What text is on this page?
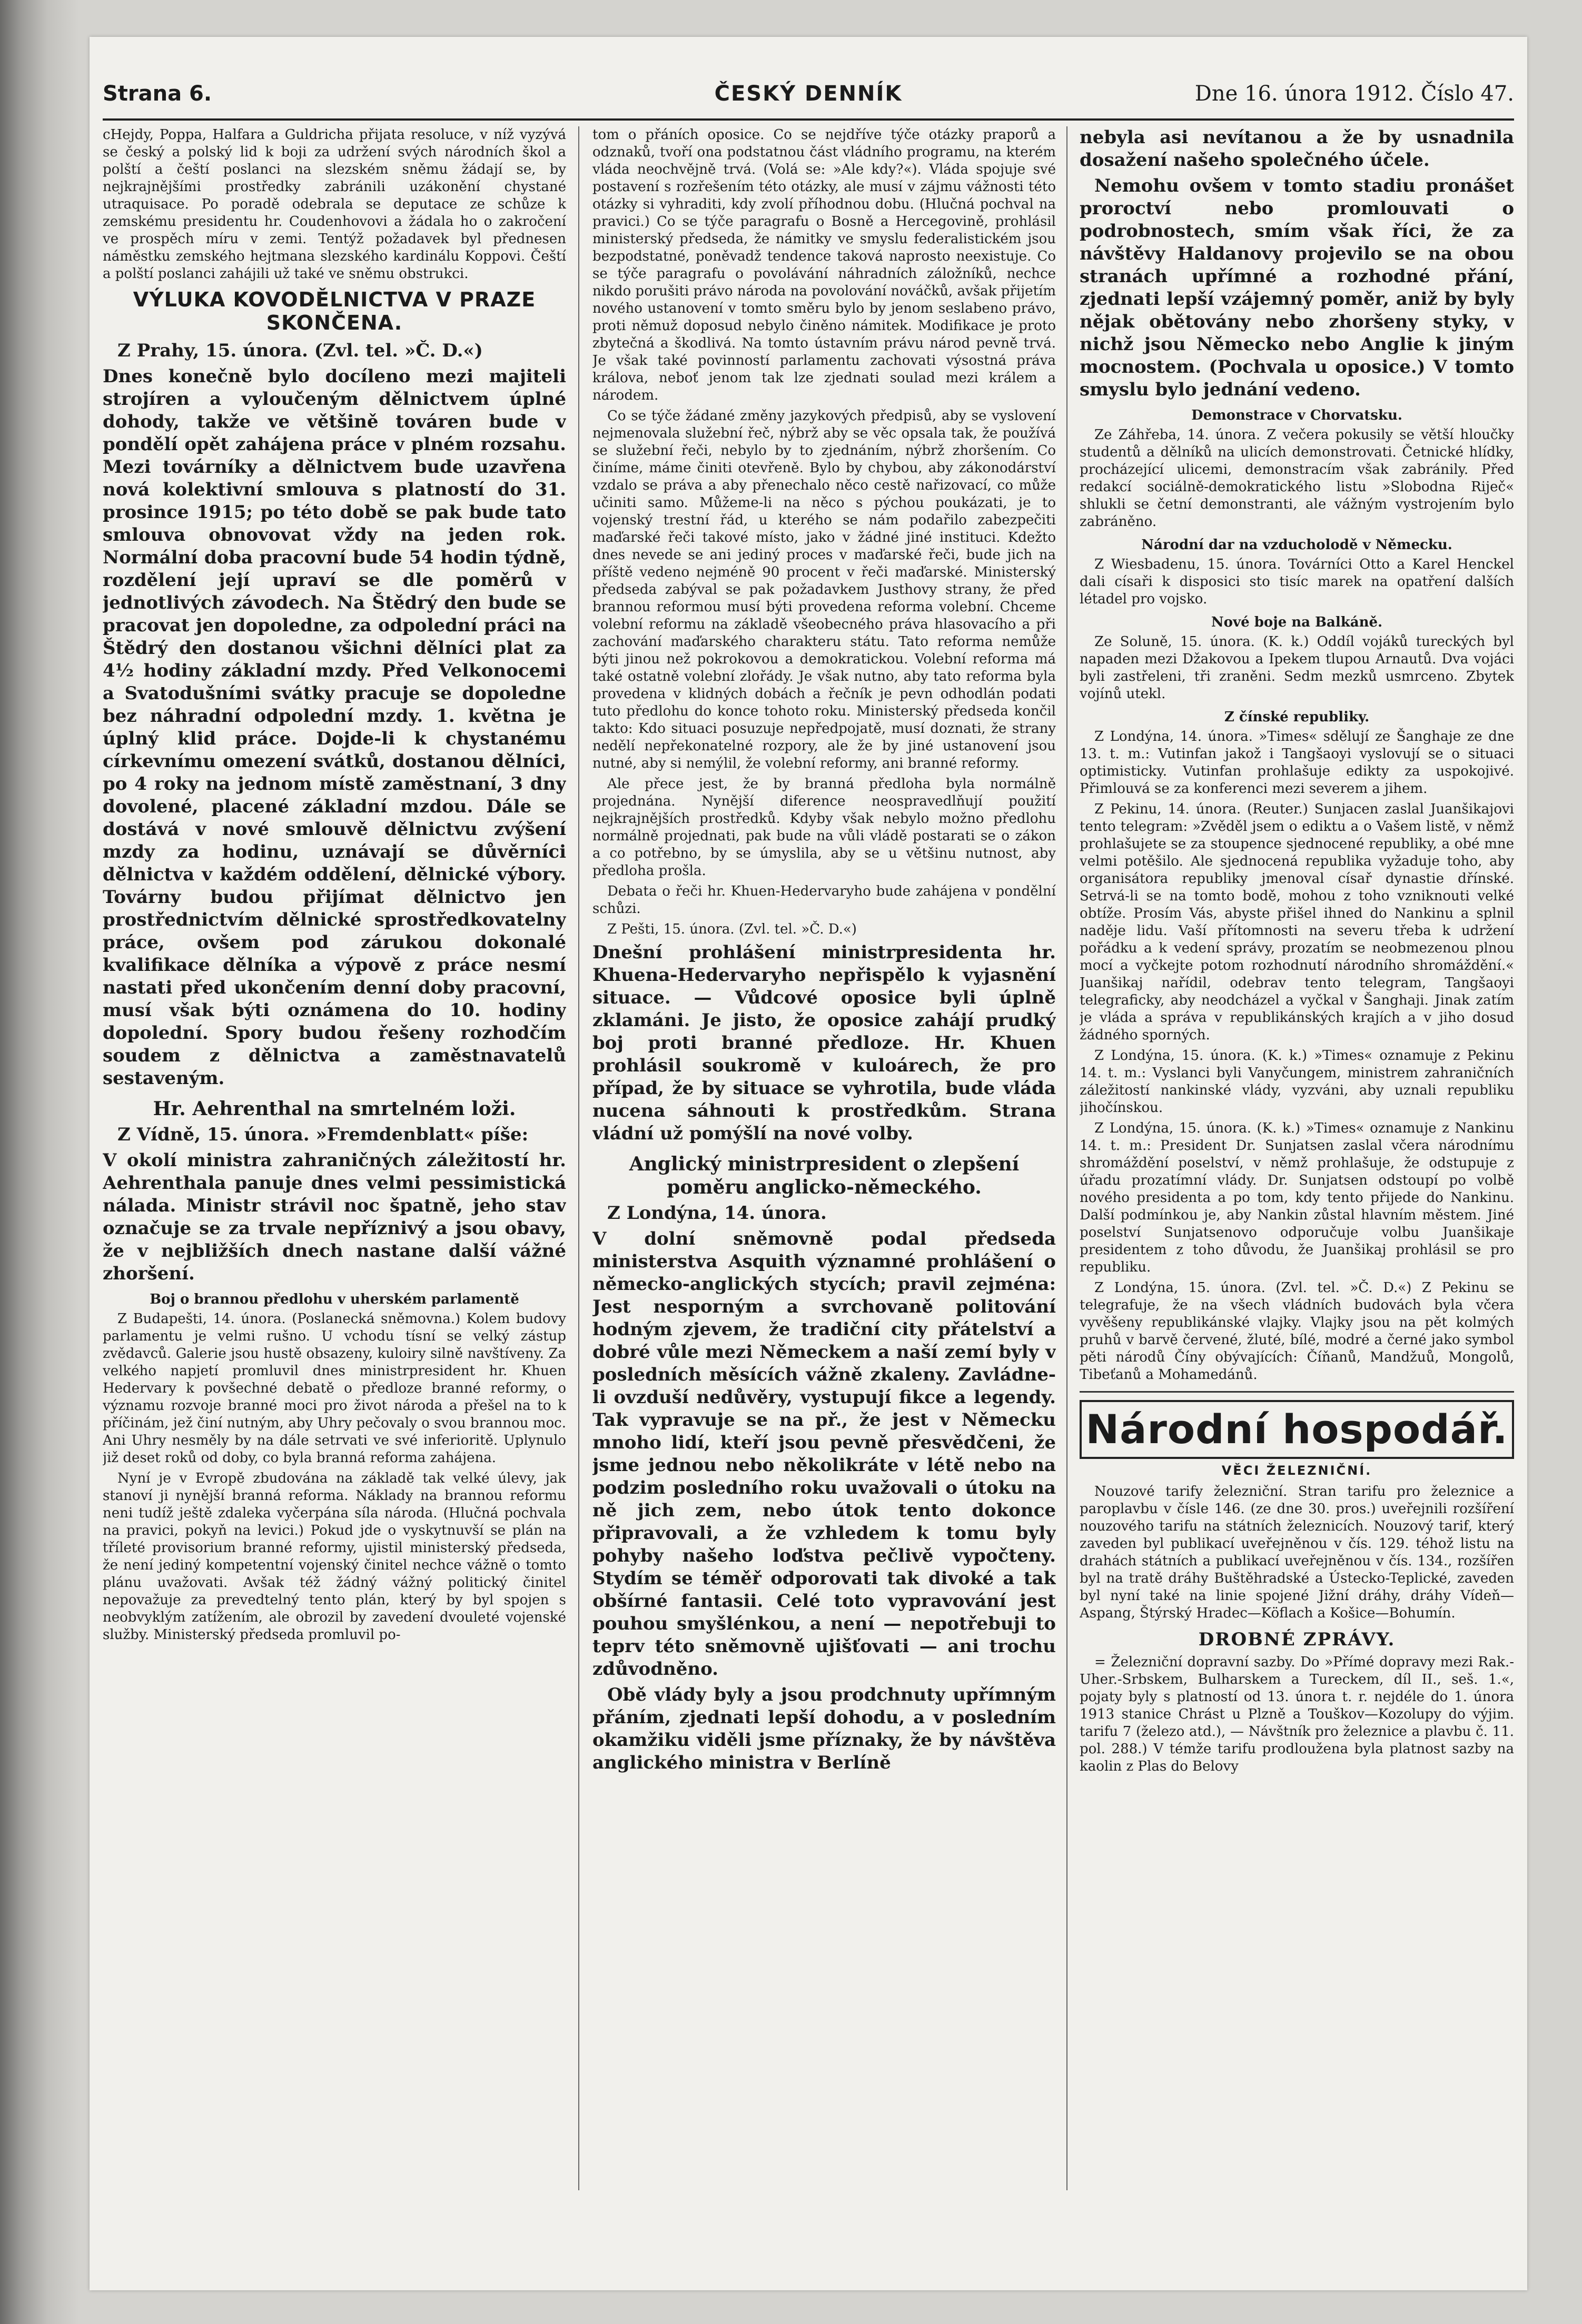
Strana 6.	ČESKÝ DENNÍK	Dne 16. února 1912. Číslo 47.

cHejdy, Poppa, Halfara a Guldricha přijata resoluce, v níž vyzývá se český a polský lid k boji za udržení svých národních škol a polští a čeští poslanci na slezském sněmu žádají se, by nejkrajnějšími prostředky zabránili uzákonění chystané utraquisace. Po poradě odebrala se deputace ze schůze k zemskému presidentu hr. Coudenhovovi a žádala ho o zakročení ve prospěch míru v zemi. Tentýž požadavek byl přednesen náměstku zemského hejtmana slezského kardinálu Koppovi. Čeští a polští poslanci zahájili už také ve sněmu obstrukci.

VÝLUKA KOVODĚLNICTVA V PRAZE SKONČENA.

Z Prahy, 15. února. (Zvl. tel. »Č. D.«)

Dnes konečně bylo docíleno mezi majiteli strojíren a vyloučeným dělnictvem úplné dohody, takže ve většině továren bude v pondělí opět zahájena práce v plném rozsahu. Mezi továrníky a dělnictvem bude uzavřena nová kolektivní smlouva s platností do 31. prosince 1915; po této době se pak bude tato smlouva obnovovat vždy na jeden rok. Normální doba pracovní bude 54 hodin týdně, rozdělení její upraví se dle poměrů v jednotlivých závodech. Na Štědrý den bude se pracovat jen dopoledne, za odpolední práci na Štědrý den dostanou všichni dělníci plat za 4½ hodiny základní mzdy. Před Velkonocemi a Svatodušními svátky pracuje se dopoledne bez náhradní odpolední mzdy. 1. května je úplný klid práce. Dojde-li k chystanému církevnímu omezení svátků, dostanou dělníci, po 4 roky na jednom místě zaměstnaní, 3 dny dovolené, placené základní mzdou. Dále se dostává v nové smlouvě dělnictvu zvýšení mzdy za hodinu, uznávají se důvěrníci dělnictva v každém oddělení, dělnické výbory. Továrny budou přijímat dělnictvo jen prostřednictvím dělnické sprostředkovatelny práce, ovšem pod zárukou dokonalé kvalifikace dělníka a výpově z práce nesmí nastati před ukončením denní doby pracovní, musí však býti oznámena do 10. hodiny dopolední. Spory budou řešeny rozhodčím soudem z dělnictva a zaměstnavatelů sestaveným.

Hr. Aehrenthal na smrtelném loži.

Z Vídně, 15. února. »Fremdenblatt« píše:

V okolí ministra zahraničných záležitostí hr. Aehrenthala panuje dnes velmi pessimistická nálada. Ministr strávil noc špatně, jeho stav označuje se za trvale nepříznivý a jsou obavy, že v nejbližších dnech nastane další vážné zhoršení.

Boj o brannou předlohu v uherském parlamentě

Z Budapešti, 14. února. (Poslanecká sněmovna.) Kolem budovy parlamentu je velmi rušno. U vchodu tísní se velký zástup zvědavců. Galerie jsou hustě obsazeny, kuloiry silně navštíveny. Za velkého napjetí promluvil dnes ministrpresident hr. Khuen Hedervary k povšechné debatě o předloze branné reformy, o významu rozvoje branné moci pro život národa a přešel na to k příčinám, jež činí nutným, aby Uhry pečovaly o svou brannou moc. Ani Uhry nesměly by na dále setrvati ve své inferioritě. Uplynulo již deset roků od doby, co byla branná reforma zahájena.

Nyní je v Evropě zbudována na základě tak velké úlevy, jak stanoví ji nynější branná reforma. Náklady na brannou reformu neni tudíž ještě zdaleka vyčerpána síla národa. (Hlučná pochvala na pravici, pokyň na levici.) Pokud jde o vyskytnuvší se plán na tříleté provisorium branné reformy, ujistil ministerský předseda, že není jediný kompetentní vojenský činitel nechce vážně o tomto plánu uvažovati. Avšak též žádný vážný politický činitel nepovažuje za prevedtelný tento plán, který by byl spojen s neobvyklým zatížením, ale obrozil by zavedení dvouleté vojenské služby. Ministerský předseda promluvil po-

tom o přáních oposice. Co se nejdříve týče otázky praporů a odznaků, tvoří ona podstatnou část vládního programu, na kterém vláda neochvějně trvá. (Volá se: »Ale kdy?«). Vláda spojuje své postavení s rozřešením této otázky, ale musí v zájmu vážnosti této otázky si vyhraditi, kdy zvolí příhodnou dobu. (Hlučná pochval na pravici.) Co se týče paragrafu o Bosně a Hercegovině, prohlásil ministerský předseda, že námitky ve smyslu federalistickém jsou bezpodstatné, poněvadž tendence taková naprosto neexistuje. Co se týče paragrafu o povolávání náhradních záložníků, nechce nikdo porušiti právo národa na povolování nováčků, avšak přijetím nového ustanovení v tomto směru bylo by jenom seslabeno právo, proti němuž doposud nebylo činěno námitek. Modifikace je proto zbytečná a škodlivá. Na tomto ústavním právu národ pevně trvá. Je však také povinností parlamentu zachovati výsostná práva králova, neboť jenom tak lze zjednati soulad mezi králem a národem.

Co se týče žádané změny jazykových předpisů, aby se vyslovení nejmenovala služební řeč, nýbrž aby se věc opsala tak, že používá se služební řeči, nebylo by to zjednáním, nýbrž zhoršením. Co činíme, máme činiti otevřeně. Bylo by chybou, aby zákonodárství vzdalo se práva a aby přenechalo něco cestě nařizovací, co může učiniti samo. Můžeme-li na něco s pýchou poukázati, je to vojenský trestní řád, u kterého se nám podařilo zabezpečiti maďarské řeči takové místo, jako v žádné jiné instituci. Kdežto dnes nevede se ani jediný proces v maďarské řeči, bude jich na příště vedeno nejméně 90 procent v řeči maďarské. Ministerský předseda zabýval se pak požadavkem Justhovy strany, že před brannou reformou musí býti provedena reforma volební. Chceme volební reformu na základě všeobecného práva hlasovacího a při zachování maďarského charakteru státu. Tato reforma nemůže býti jinou než pokrokovou a demokratickou. Volební reforma má také ostatně volební zlořády. Je však nutno, aby tato reforma byla provedena v klidných dobách a řečník je pevn odhodlán podati tuto předlohu do konce tohoto roku. Ministerský předseda končil takto: Kdo situaci posuzuje nepředpojatě, musí doznati, že strany nedělí nepřekonatelné rozpory, ale že by jiné ustanovení jsou nutné, aby si nemýlil, že volební reformy, ani branné reformy.

Ale přece jest, že by branná předloha byla normálně projednána. Nynější diference neospravedlňují použití nejkrajnějších prostředků. Kdyby však nebylo možno předlohu normálně projednati, pak bude na vůli vládě postarati se o zákon a co potřebno, by se úmyslila, aby se u většinu nutnost, aby předloha prošla.

Debata o řeči hr. Khuen-Hedervaryho bude zahájena v pondělní schůzi.

Z Pešti, 15. února. (Zvl. tel. »Č. D.«)

Dnešní prohlášení ministrpresidenta hr. Khuena-Hedervaryho nepřispělo k vyjasnění situace. — Vůdcové oposice byli úplně zklamáni. Je jisto, že oposice zahájí prudký boj proti branné předloze. Hr. Khuen prohlásil soukromě v kuloárech, že pro případ, že by situace se vyhrotila, bude vláda nucena sáhnouti k prostředkům. Strana vládní už pomýšlí na nové volby.

Anglický ministrpresident o zlepšení poměru anglicko-německého.

Z Londýna, 14. února.

V dolní sněmovně podal předseda ministerstva Asquith významné prohlášení o německo-anglických stycích; pravil zejména: Jest nesporným a svrchovaně politování hodným zjevem, že tradiční city přátelství a dobré vůle mezi Německem a naší zemí byly v posledních měsících vážně zkaleny. Zavládne-li ovzduší nedůvěry, vystupují fikce a legendy. Tak vypravuje se na př., že jest v Německu mnoho lidí, kteří jsou pevně přesvědčeni, že jsme jednou nebo několikráte v létě nebo na podzim posledního roku uvažovali o útoku na ně jich zem, nebo útok tento dokonce připravovali, a že vzhledem k tomu byly pohyby našeho loďstva pečlivě vypočteny. Stydím se téměř odporovati tak divoké a tak obšírné fantasii. Celé toto vypravování jest pouhou smyšlénkou, a není — nepotřebuji to teprv této sněmovně ujišťovati — ani trochu zdůvodněno.

Obě vlády byly a jsou prodchnuty upřímným přáním, zjednati lepší dohodu, a v posledním okamžiku viděli jsme příznaky, že by návštěva anglického ministra v Berlíně

nebyla asi nevítanou a že by usnadnila dosažení našeho společného účele.

Nemohu ovšem v tomto stadiu pronášet proroctví nebo promlouvati o podrobnostech, smím však říci, že za návštěvy Haldanovy projevilo se na obou stranách upřímné a rozhodné přání, zjednati lepší vzájemný poměr, aniž by byly nějak obětovány nebo zhoršeny styky, v nichž jsou Německo nebo Anglie k jiným mocnostem. (Pochvala u oposice.) V tomto smyslu bylo jednání vedeno.

Demonstrace v Chorvatsku.

Ze Záhřeba, 14. února. Z večera pokusily se větší hloučky studentů a dělníků na ulicích demonstrovati. Četnické hlídky, procházející ulicemi, demonstracím však zabránily. Před redakcí sociálně-demokratického listu »Slobodna Riječ« shlukli se četní demonstranti, ale vážným vystrojením bylo zabráněno.

Národní dar na vzducholodě v Německu.

Z Wiesbadenu, 15. února. Továrníci Otto a Karel Henckel dali císaři k disposici sto tisíc marek na opatření dalších létadel pro vojsko.

Nové boje na Balkáně.

Ze Soluně, 15. února. (K. k.) Oddíl vojáků tureckých byl napaden mezi Džakovou a Ipekem tlupou Arnautů. Dva vojáci byli zastřeleni, tři zraněni. Sedm mezků usmrceno. Zbytek vojínů utekl.

Z čínské republiky.

Z Londýna, 14. února. »Times« sdělují ze Šanghaje ze dne 13. t. m.: Vutinfan jakož i Tangšaoyi vyslovují se o situaci optimisticky. Vutinfan prohlašuje edikty za uspokojivé. Přimlouvá se za konferenci mezi severem a jihem.

Z Pekinu, 14. února. (Reuter.) Sunjacen zaslal Juanšikajovi tento telegram: »Zvěděl jsem o ediktu a o Vašem listě, v němž prohlašujete se za stoupence sjednocené republiky, a obé mne velmi potěšilo. Ale sjednocená republika vyžaduje toho, aby organisátora republiky jmenoval císař dynastie dřínské. Setrvá-li se na tomto bodě, mohou z toho vzniknouti velké obtíže. Prosím Vás, abyste přišel ihned do Nankinu a splnil naděje lidu. Vaší přítomnosti na severu třeba k udržení pořádku a k vedení správy, prozatím se neobmezenou plnou mocí a vyčkejte potom rozhodnutí národního shromáždění.« Juanšikaj nařídil, odebrav tento telegram, Tangšaoyi telegraficky, aby neodcházel a vyčkal v Šanghaji. Jinak zatím je vláda a správa v republikánských krajích a v jiho dosud žádného sporných.

Z Londýna, 15. února. (K. k.) »Times« oznamuje z Pekinu 14. t. m.: Vyslanci byli Vanyčungem, ministrem zahraničních záležitostí nankinské vlády, vyzváni, aby uznali republiku jihočínskou.

Z Londýna, 15. února. (K. k.) »Times« oznamuje z Nankinu 14. t. m.: President Dr. Sunjatsen zaslal včera národnímu shromáždění poselství, v němž prohlašuje, že odstupuje z úřadu prozatímní vlády. Dr. Sunjatsen odstoupí po volbě nového presidenta a po tom, kdy tento přijede do Nankinu. Další podmínkou je, aby Nankin zůstal hlavním městem. Jiné poselství Sunjatsenovo odporučuje volbu Juanšikaje presidentem z toho důvodu, že Juanšikaj prohlásil se pro republiku.

Z Londýna, 15. února. (Zvl. tel. »Č. D.«) Z Pekinu se telegrafuje, že na všech vládních budovách byla včera vyvěšeny republikánské vlajky. Vlajky jsou na pět kolmých pruhů v barvě červené, žluté, bílé, modré a černé jako symbol pěti národů Číny obývajících: Číňanů, Mandžuů, Mongolů, Tibeťanů a Mohamedánů.

Národní hospodář.
VĚCI ŽELEZNIČNÍ.

Nouzové tarify železniční. Stran tarifu pro železnice a paroplavbu v čísle 146. (ze dne 30. pros.) uveřejnili rozšíření nouzového tarifu na státních železnicích. Nouzový tarif, který zaveden byl publikací uveřejněnou v čís. 129. téhož listu na drahách státních a publikací uveřejněnou v čís. 134., rozšířen byl na tratě dráhy Buštěhradské a Ústecko-Teplické, zaveden byl nyní také na linie spojené Jižní dráhy, dráhy Vídeň—Aspang, Štýrský Hradec—Köflach a Košice—Bohumín.

DROBNÉ ZPRÁVY.

= Železniční dopravní sazby. Do »Přímé dopravy mezi Rak.-Uher.-Srbskem, Bulharskem a Tureckem, díl II., seš. 1.«, pojaty byly s platností od 13. února t. r. nejdéle do 1. února 1913 stanice Chrást u Plzně a Touškov—Kozolupy do výjim. tarifu 7 (železo atd.), — Návštník pro železnice a plavbu č. 11. pol. 288.) V témže tarifu prodloužena byla platnost sazby na kaolin z Plas do Belovy
